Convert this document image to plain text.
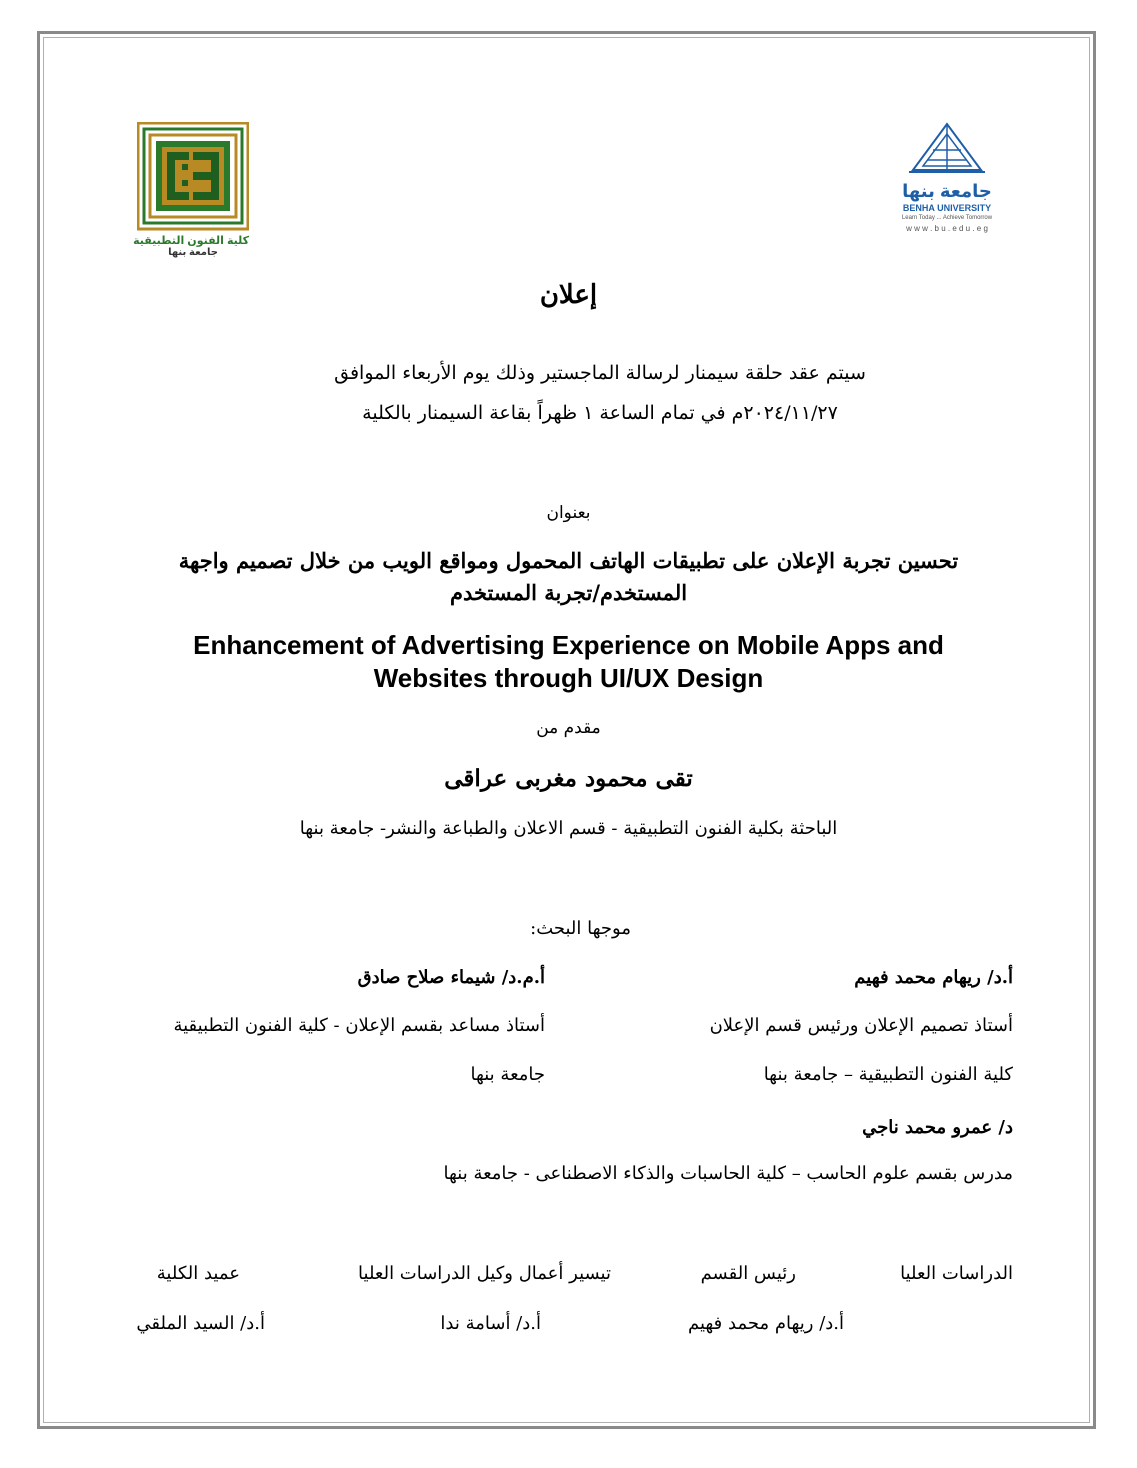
كلية الفنون التطبيقية
جامعة بنها
جامعة بنها
BENHA UNIVERSITY
Learn Today ... Achieve Tomorrow
w w w . b u . e d u . e g
إعلان
سيتم عقد حلقة سيمنار لرسالة الماجستير وذلك يوم الأربعاء الموافق
٢٠٢٤/١١/٢٧م في تمام الساعة ١ ظهراً بقاعة السيمنار بالكلية
بعنوان
تحسين تجربة الإعلان على تطبيقات الهاتف المحمول ومواقع الويب من خلال تصميم واجهة
المستخدم/تجربة المستخدم
Enhancement of Advertising Experience on Mobile Apps and
Websites through UI/UX Design
مقدم من
تقى محمود مغربى عراقى
الباحثة بكلية الفنون التطبيقية - قسم الاعلان والطباعة والنشر- جامعة بنها
موجها البحث:
أ.د/ ريهام محمد فهيم
أستاذ تصميم الإعلان ورئيس قسم الإعلان
كلية الفنون التطبيقية – جامعة بنها
أ.م.د/ شيماء صلاح صادق
أستاذ مساعد بقسم الإعلان - كلية الفنون التطبيقية
جامعة بنها
د/ عمرو محمد ناجي
مدرس بقسم علوم الحاسب – كلية الحاسبات والذكاء الاصطناعى - جامعة بنها
الدراسات العليا
رئيس القسم
تيسير أعمال وكيل الدراسات العليا
عميد الكلية
أ.د/ ريهام محمد فهيم
أ.د/ أسامة ندا
أ.د/ السيد الملقي
